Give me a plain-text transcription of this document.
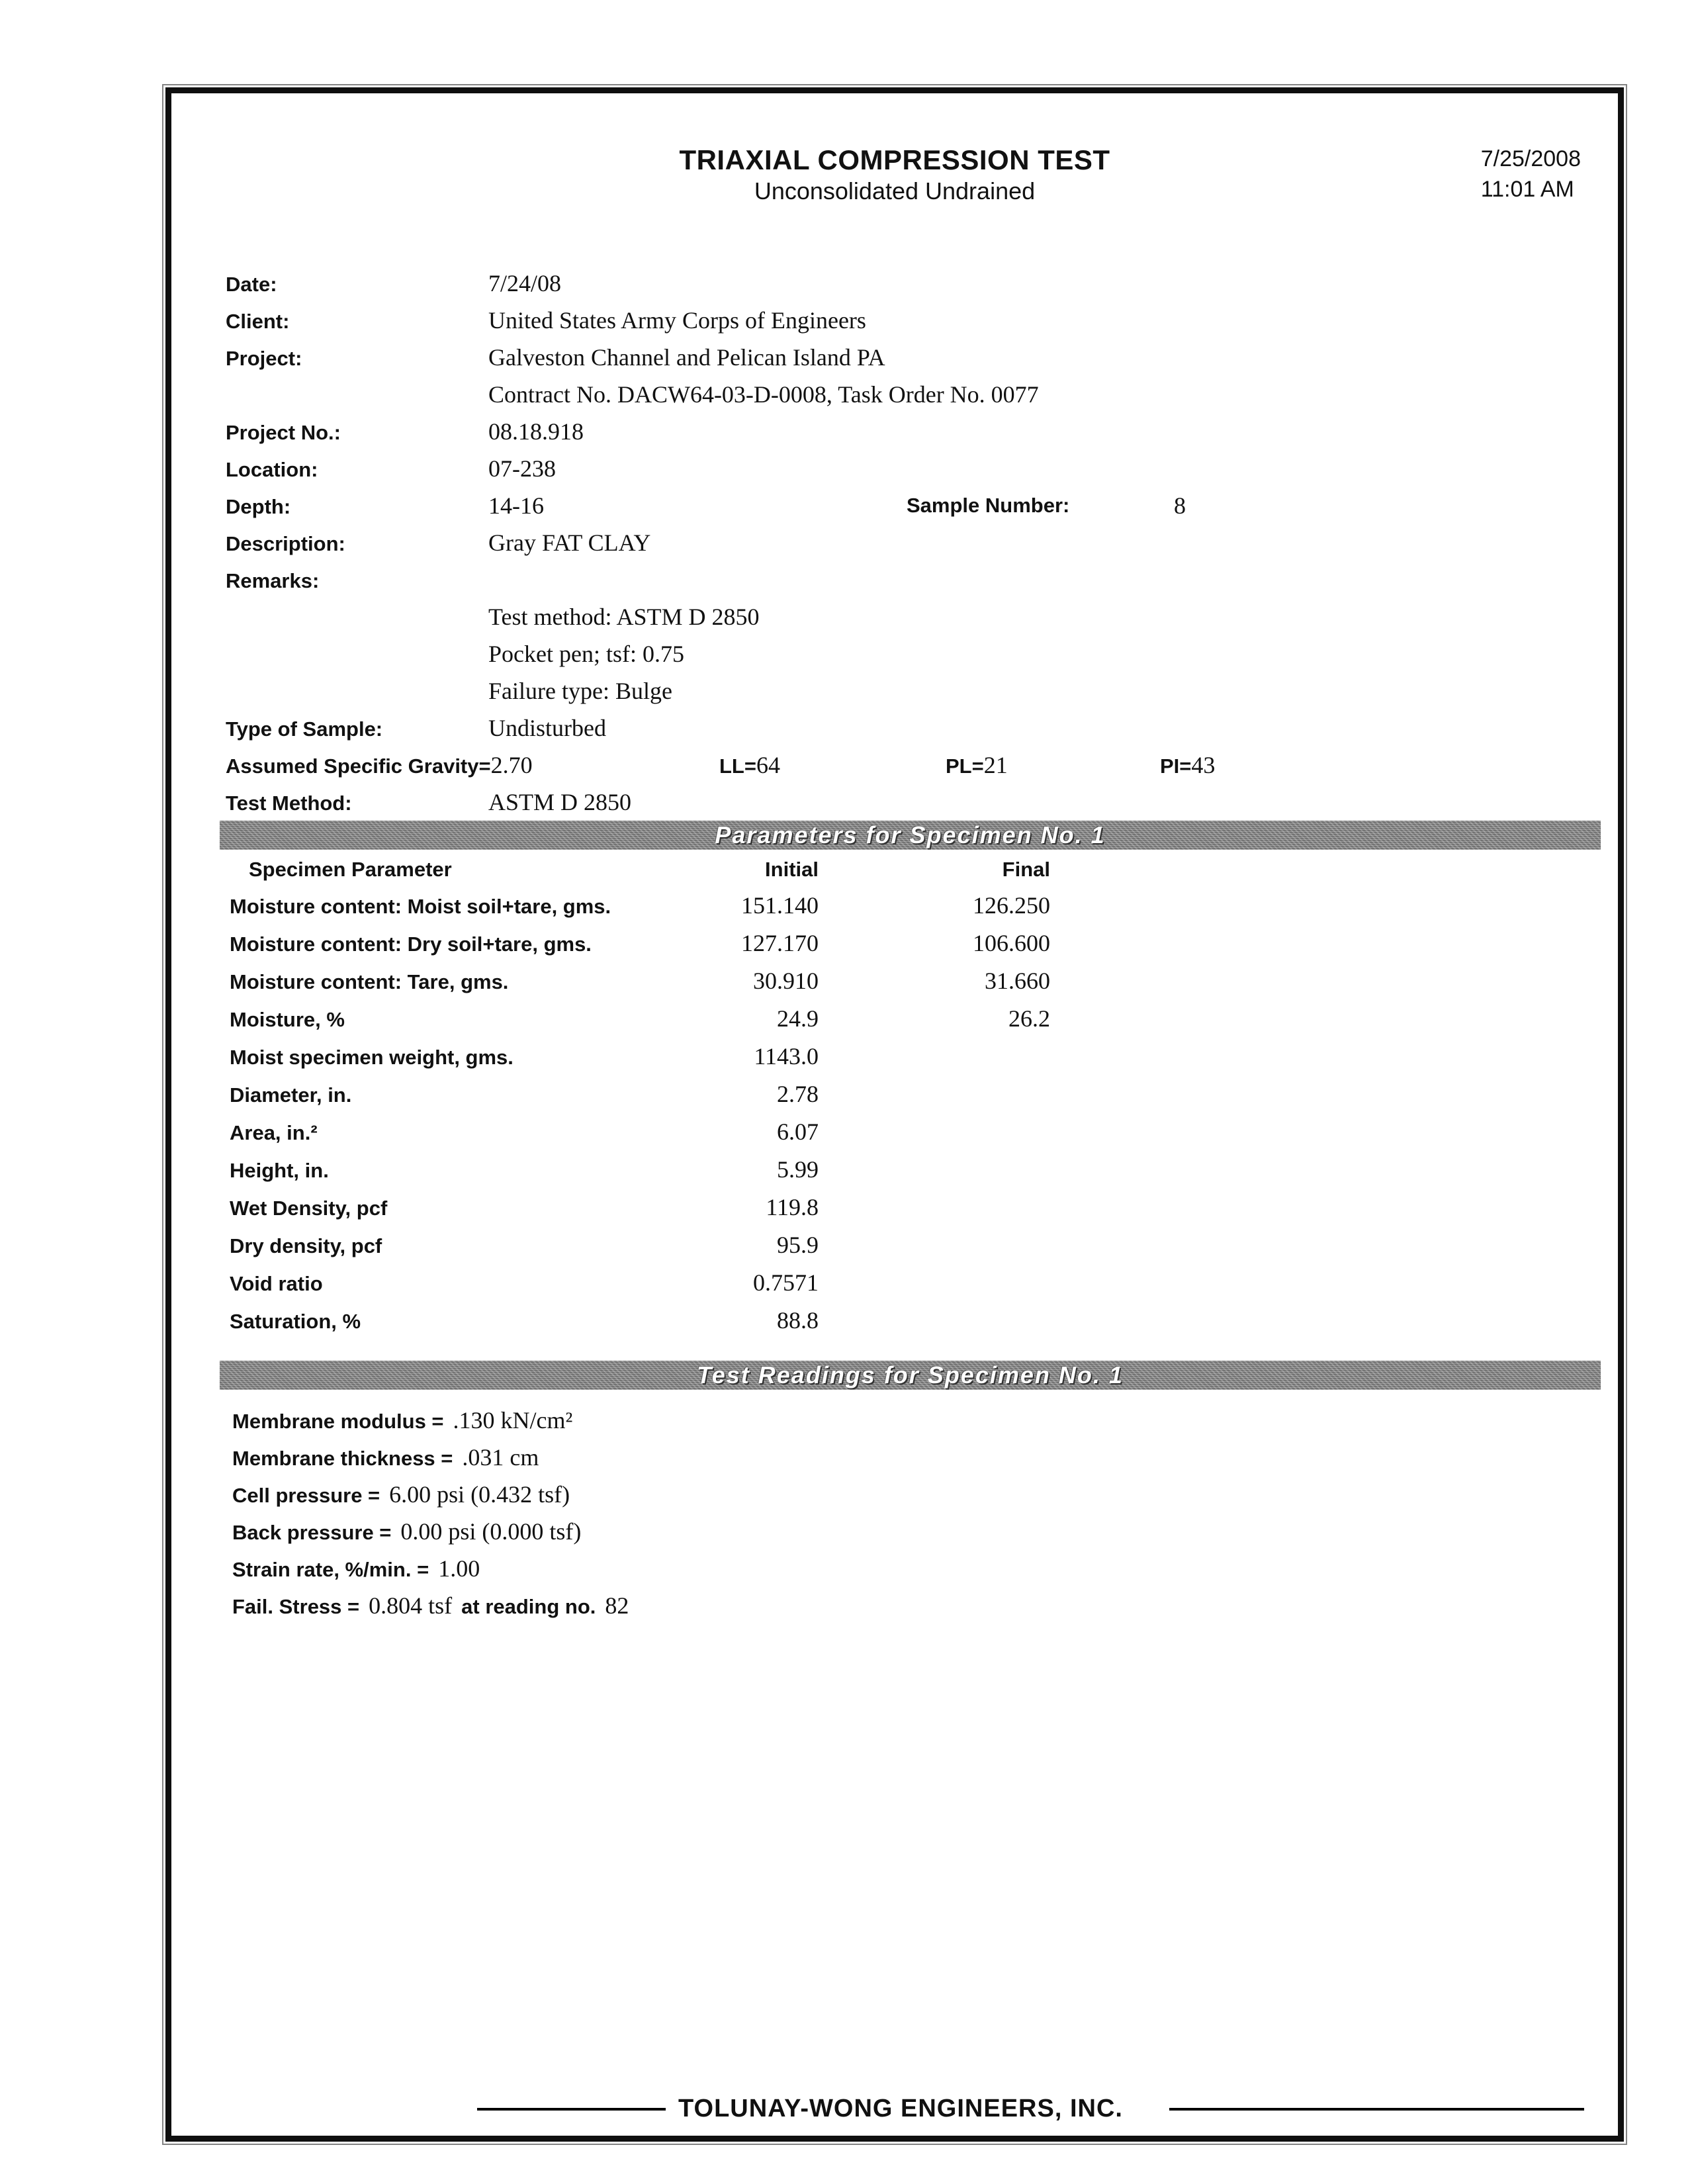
TRIAXIAL COMPRESSION TEST
Unconsolidated Undrained
7/25/2008
11:01 AM
Date:	7/24/08
Client:	United States Army Corps of Engineers
Project:	Galveston Channel and Pelican Island PA
Contract No. DACW64-03-D-0008, Task Order No. 0077
Project No.:	08.18.918
Location:	07-238
Depth:	14-16	Sample Number:	8
Description:	Gray FAT CLAY
Remarks:
Test method: ASTM D 2850
Pocket pen; tsf: 0.75
Failure type: Bulge
Type of Sample:	Undisturbed
Assumed Specific Gravity=2.70	LL=64	PL=21	PI=43
Test Method:	ASTM D 2850
Parameters for Specimen No. 1
Specimen Parameter	Initial	Final
Moisture content: Moist soil+tare, gms.	151.140	126.250
Moisture content: Dry soil+tare, gms.	127.170	106.600
Moisture content: Tare, gms.	30.910	31.660
Moisture, %	24.9	26.2
Moist specimen weight, gms.	1143.0
Diameter, in.	2.78
Area, in.²	6.07
Height, in.	5.99
Wet Density, pcf	119.8
Dry density, pcf	95.9
Void ratio	0.7571
Saturation, %	88.8
Test Readings for Specimen No. 1
Membrane modulus = .130 kN/cm²
Membrane thickness = .031 cm
Cell pressure = 6.00 psi (0.432 tsf)
Back pressure = 0.00 psi (0.000 tsf)
Strain rate, %/min. = 1.00
Fail. Stress = 0.804 tsf at reading no. 82
TOLUNAY-WONG ENGINEERS, INC.
